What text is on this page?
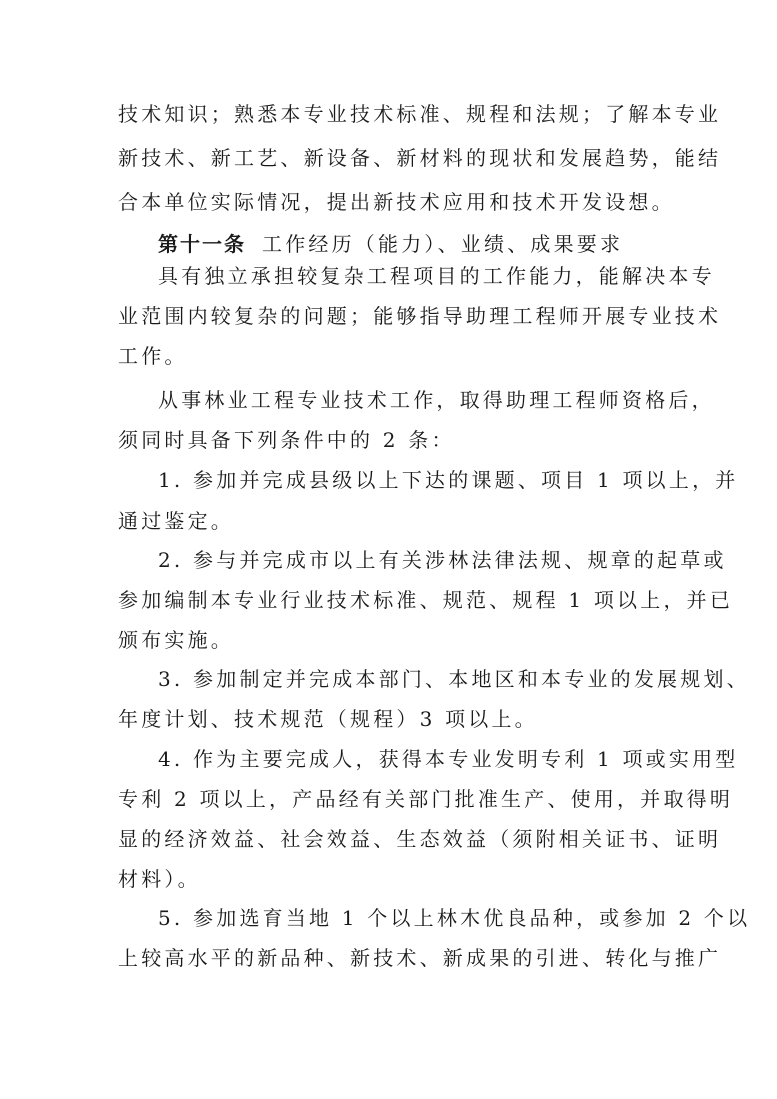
技术知识；熟悉本专业技术标准、规程和法规；了解本专业
新技术、新工艺、新设备、新材料的现状和发展趋势，能结
合本单位实际情况，提出新技术应用和技术开发设想。
第十一条 工作经历（能力）、业绩、成果要求
具有独立承担较复杂工程项目的工作能力，能解决本专
业范围内较复杂的问题；能够指导助理工程师开展专业技术
工作。
从事林业工程专业技术工作，取得助理工程师资格后，
须同时具备下列条件中的 2 条：
1. 参加并完成县级以上下达的课题、项目 1 项以上，并
通过鉴定。
2. 参与并完成市以上有关涉林法律法规、规章的起草或
参加编制本专业行业技术标准、规范、规程 1 项以上，并已
颁布实施。
3. 参加制定并完成本部门、本地区和本专业的发展规划、
年度计划、技术规范（规程）3 项以上。
4. 作为主要完成人，获得本专业发明专利 1 项或实用型
专利 2 项以上，产品经有关部门批准生产、使用，并取得明
显的经济效益、社会效益、生态效益（须附相关证书、证明
材料）。
5. 参加选育当地 1 个以上林木优良品种，或参加 2 个以
上较高水平的新品种、新技术、新成果的引进、转化与推广
